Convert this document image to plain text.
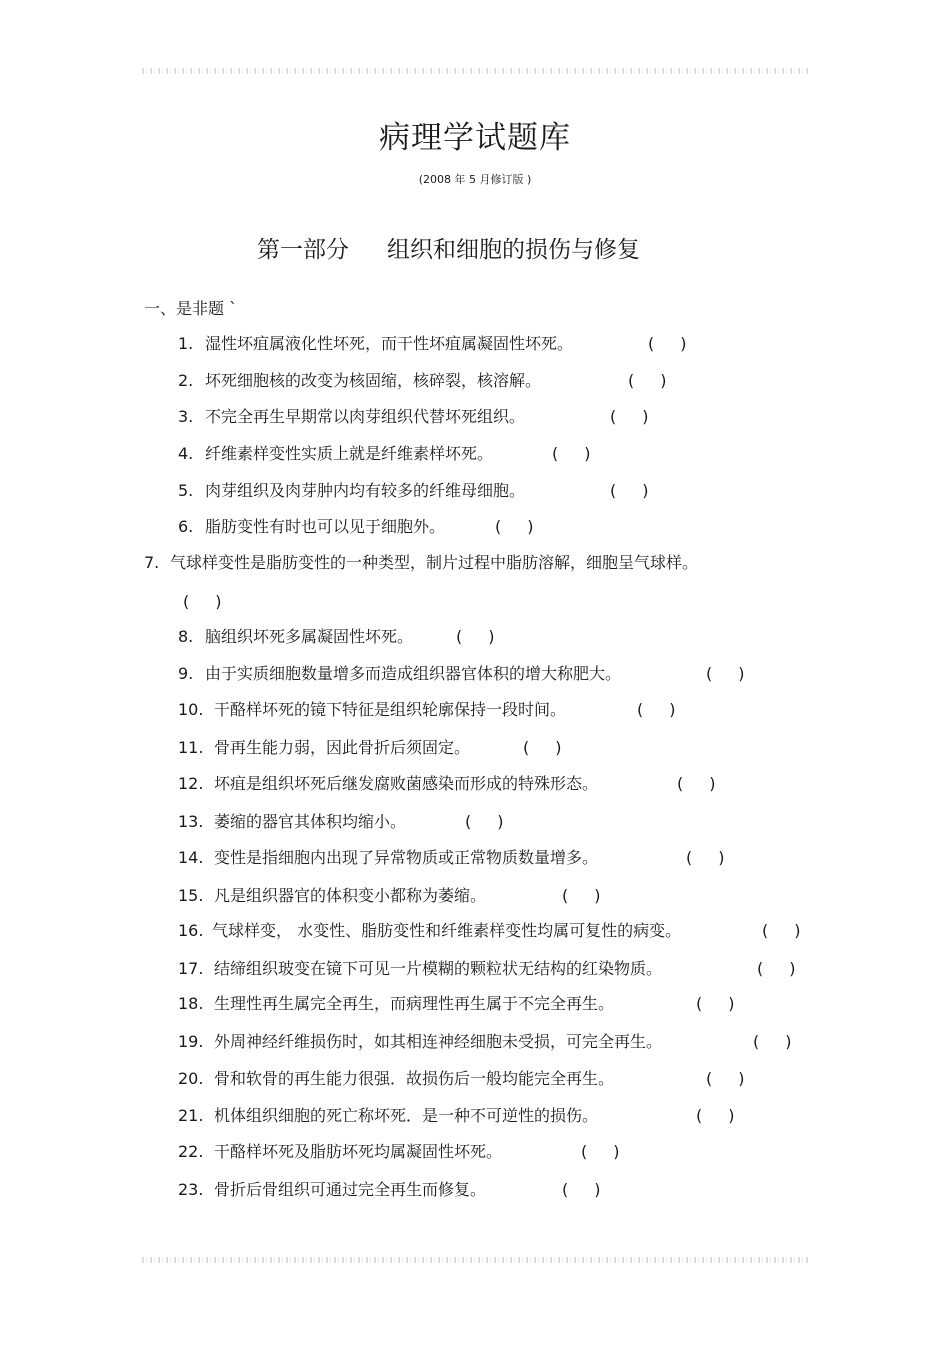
病理学试题库

(2008 年 5 月修订版 )

第一部分 组织和细胞的损伤与修复
一、是非题 `
1. 湿性坏疽属液化性坏死，而干性坏疽属凝固性坏死。	( )
2. 坏死细胞核的改变为核固缩，核碎裂，核溶解。	( )
3. 不完全再生早期常以肉芽组织代替坏死组织。	( )
4. 纤维素样变性实质上就是纤维素样坏死。	( )
5. 肉芽组织及肉芽肿内均有较多的纤维母细胞。	( )
6. 脂肪变性有时也可以见于细胞外。	( )
7. 气球样变性是脂肪变性的一种类型，制片过程中脂肪溶解，细胞呈气球样。
( )
8. 脑组织坏死多属凝固性坏死。	( )
9. 由于实质细胞数量增多而造成组织器官体积的增大称肥大。	( )
10. 干酪样坏死的镜下特征是组织轮廓保持一段时间。	( )
11. 骨再生能力弱，因此骨折后须固定。	( )
12. 坏疽是组织坏死后继发腐败菌感染而形成的特殊形态。	( )
13. 萎缩的器官其体积均缩小。	( )
14. 变性是指细胞内出现了异常物质或正常物质数量增多。	( )
15. 凡是组织器官的体积变小都称为萎缩。	( )
16. 气球样变， 水变性、脂肪变性和纤维素样变性均属可复性的病变。	( )
17. 结缔组织玻变在镜下可见一片模糊的颗粒状无结构的红染物质。	( )
18. 生理性再生属完全再生，而病理性再生属于不完全再生。	( )
19. 外周神经纤维损伤时，如其相连神经细胞未受损，可完全再生。	( )
20. 骨和软骨的再生能力很强．故损伤后一般均能完全再生。	( )
21. 机体组织细胞的死亡称坏死．是一种不可逆性的损伤。	( )
22. 干酪样坏死及脂肪坏死均属凝固性坏死。	( )
23. 骨折后骨组织可通过完全再生而修复。	( )
